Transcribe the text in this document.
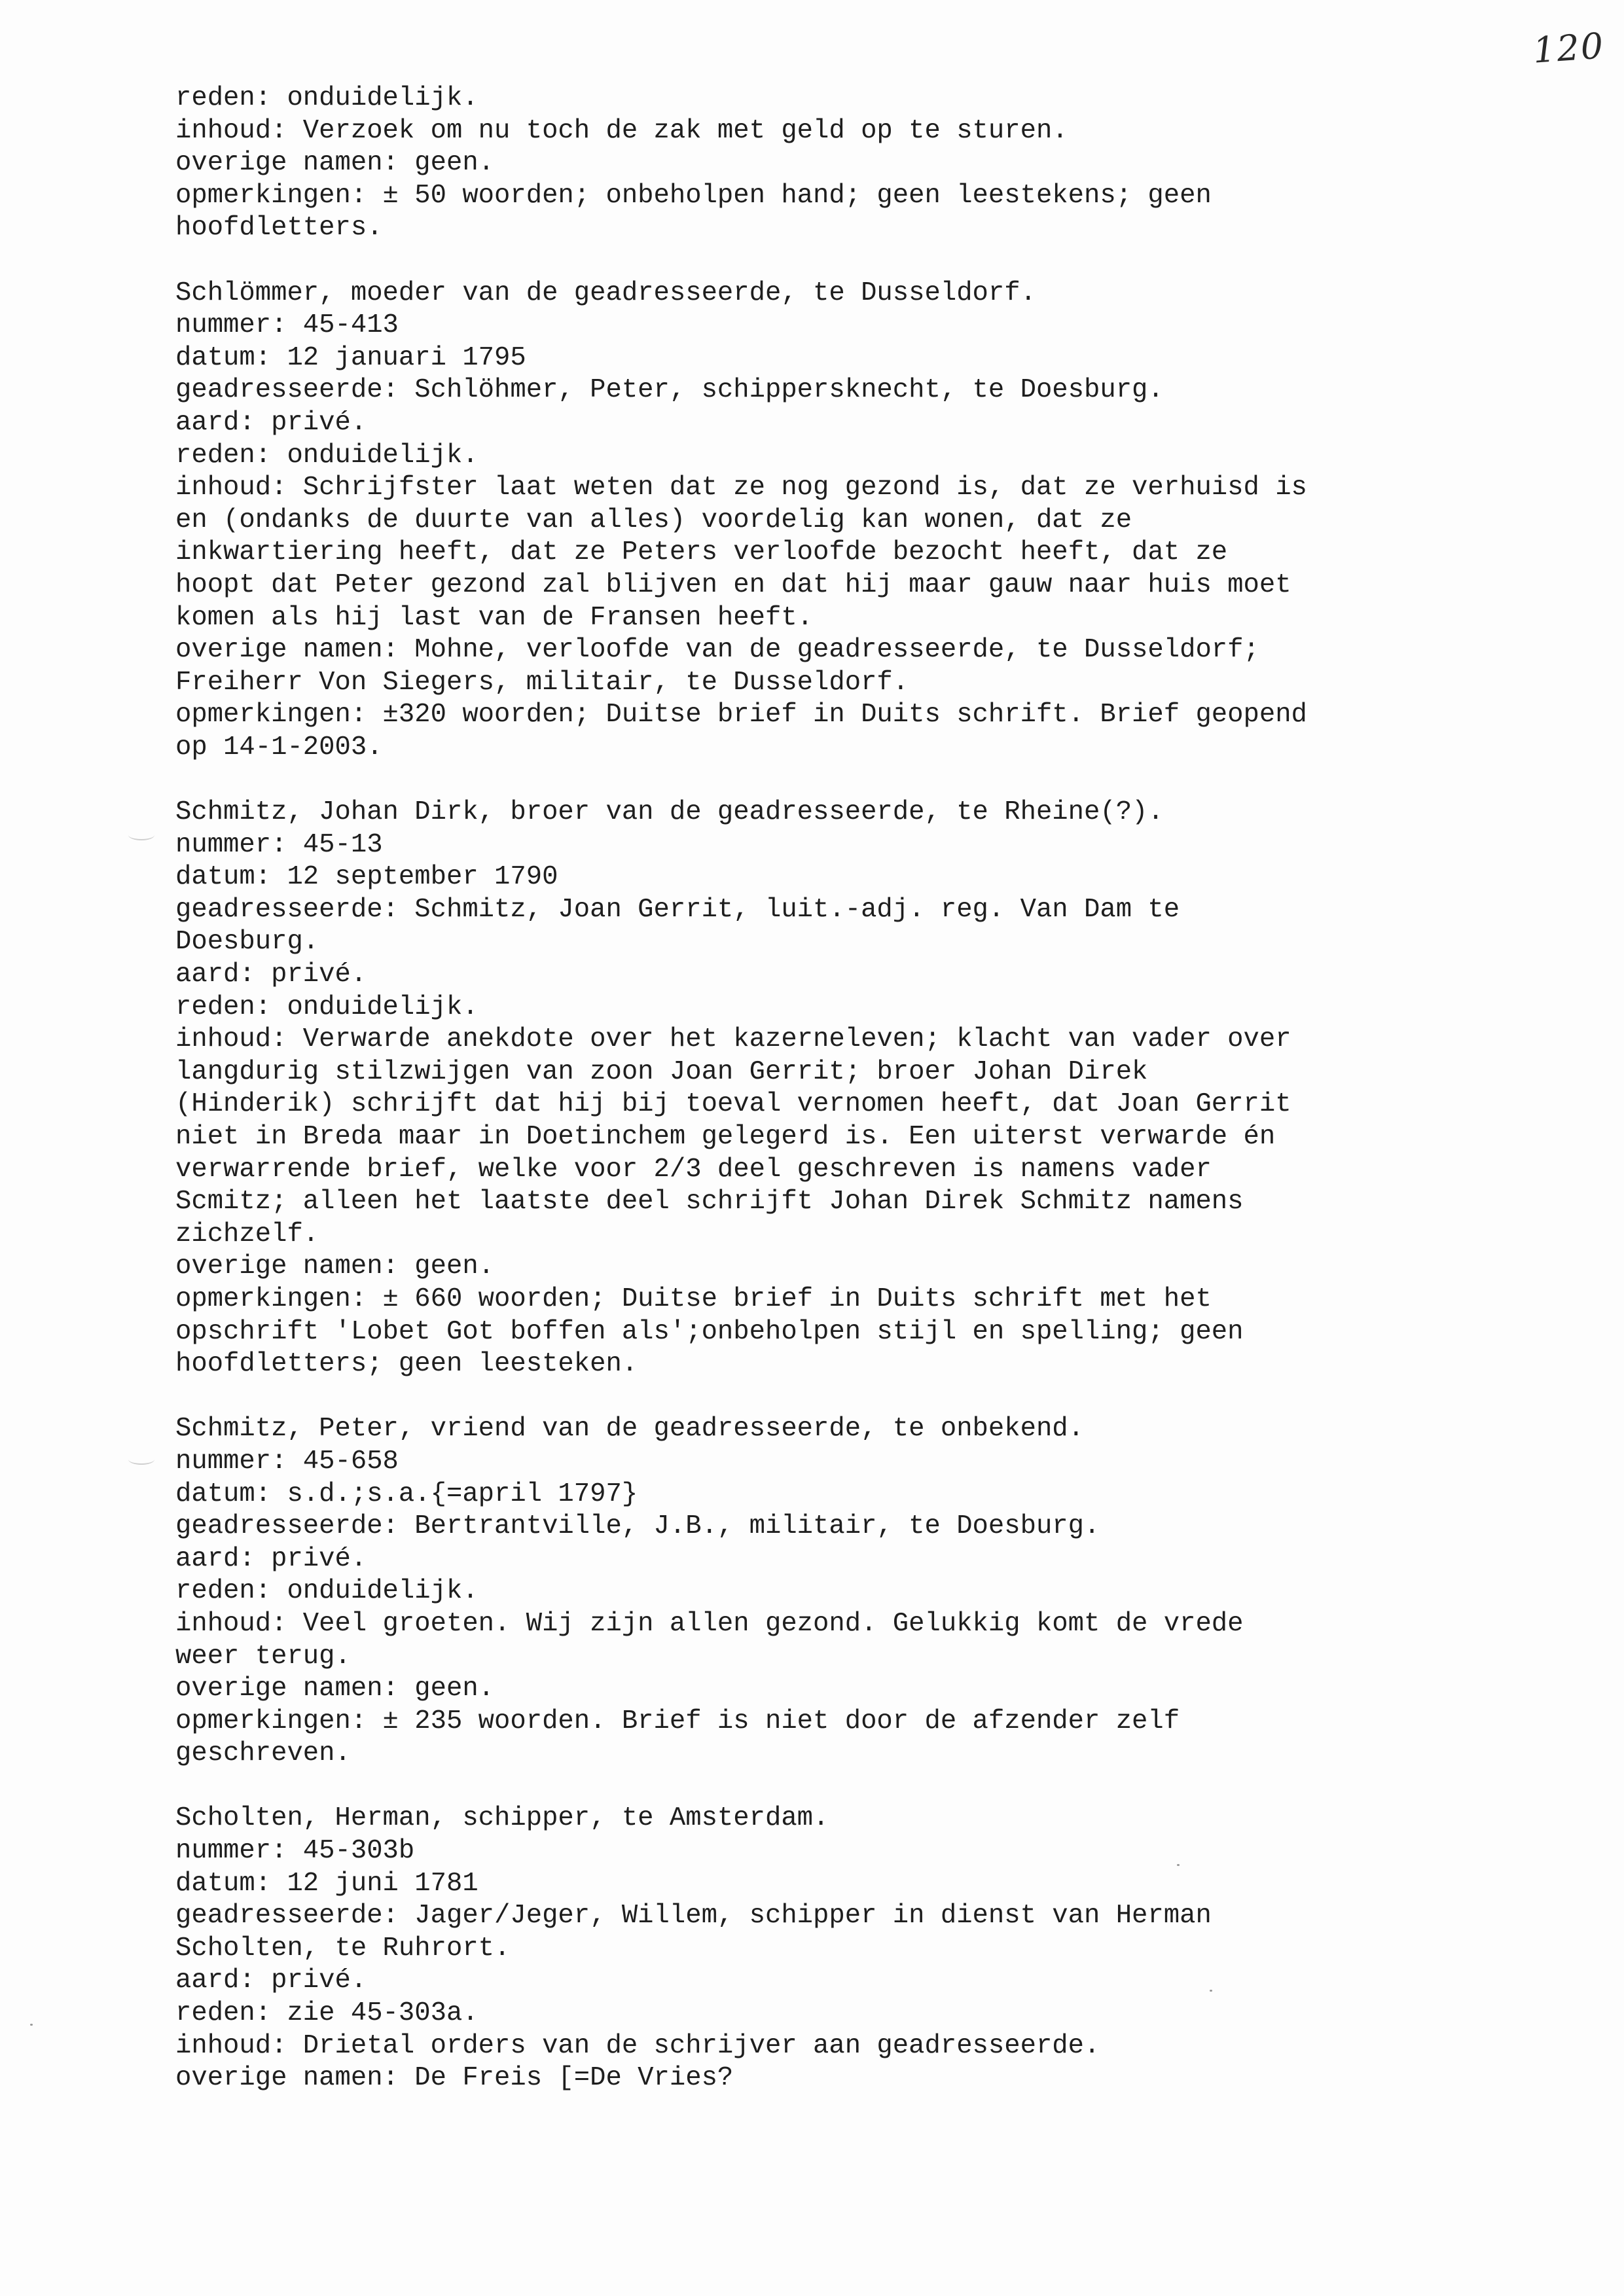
120
reden: onduidelijk.
inhoud: Verzoek om nu toch de zak met geld op te sturen.
overige namen: geen.
opmerkingen: ± 50 woorden; onbeholpen hand; geen leestekens; geen
hoofdletters.
Schlömmer, moeder van de geadresseerde, te Dusseldorf.
nummer: 45-413
datum: 12 januari 1795
geadresseerde: Schlöhmer, Peter, schippersknecht, te Doesburg.
aard: privé.
reden: onduidelijk.
inhoud: Schrijfster laat weten dat ze nog gezond is, dat ze verhuisd is
en (ondanks de duurte van alles) voordelig kan wonen, dat ze
inkwartiering heeft, dat ze Peters verloofde bezocht heeft, dat ze
hoopt dat Peter gezond zal blijven en dat hij maar gauw naar huis moet
komen als hij last van de Fransen heeft.
overige namen: Mohne, verloofde van de geadresseerde, te Dusseldorf;
Freiherr Von Siegers, militair, te Dusseldorf.
opmerkingen: ±320 woorden; Duitse brief in Duits schrift. Brief geopend
op 14-1-2003.
Schmitz, Johan Dirk, broer van de geadresseerde, te Rheine(?).
nummer: 45-13
datum: 12 september 1790
geadresseerde: Schmitz, Joan Gerrit, luit.-adj. reg. Van Dam te
Doesburg.
aard: privé.
reden: onduidelijk.
inhoud: Verwarde anekdote over het kazerneleven; klacht van vader over
langdurig stilzwijgen van zoon Joan Gerrit; broer Johan Direk
(Hinderik) schrijft dat hij bij toeval vernomen heeft, dat Joan Gerrit
niet in Breda maar in Doetinchem gelegerd is. Een uiterst verwarde én
verwarrende brief, welke voor 2/3 deel geschreven is namens vader
Scmitz; alleen het laatste deel schrijft Johan Direk Schmitz namens
zichzelf.
overige namen: geen.
opmerkingen: ± 660 woorden; Duitse brief in Duits schrift met het
opschrift 'Lobet Got boffen als';onbeholpen stijl en spelling; geen
hoofdletters; geen leesteken.
Schmitz, Peter, vriend van de geadresseerde, te onbekend.
nummer: 45-658
datum: s.d.;s.a.{=april 1797}
geadresseerde: Bertrantville, J.B., militair, te Doesburg.
aard: privé.
reden: onduidelijk.
inhoud: Veel groeten. Wij zijn allen gezond. Gelukkig komt de vrede
weer terug.
overige namen: geen.
opmerkingen: ± 235 woorden. Brief is niet door de afzender zelf
geschreven.
Scholten, Herman, schipper, te Amsterdam.
nummer: 45-303b
datum: 12 juni 1781
geadresseerde: Jager/Jeger, Willem, schipper in dienst van Herman
Scholten, te Ruhrort.
aard: privé.
reden: zie 45-303a.
inhoud: Drietal orders van de schrijver aan geadresseerde.
overige namen: De Freis [=De Vries?
